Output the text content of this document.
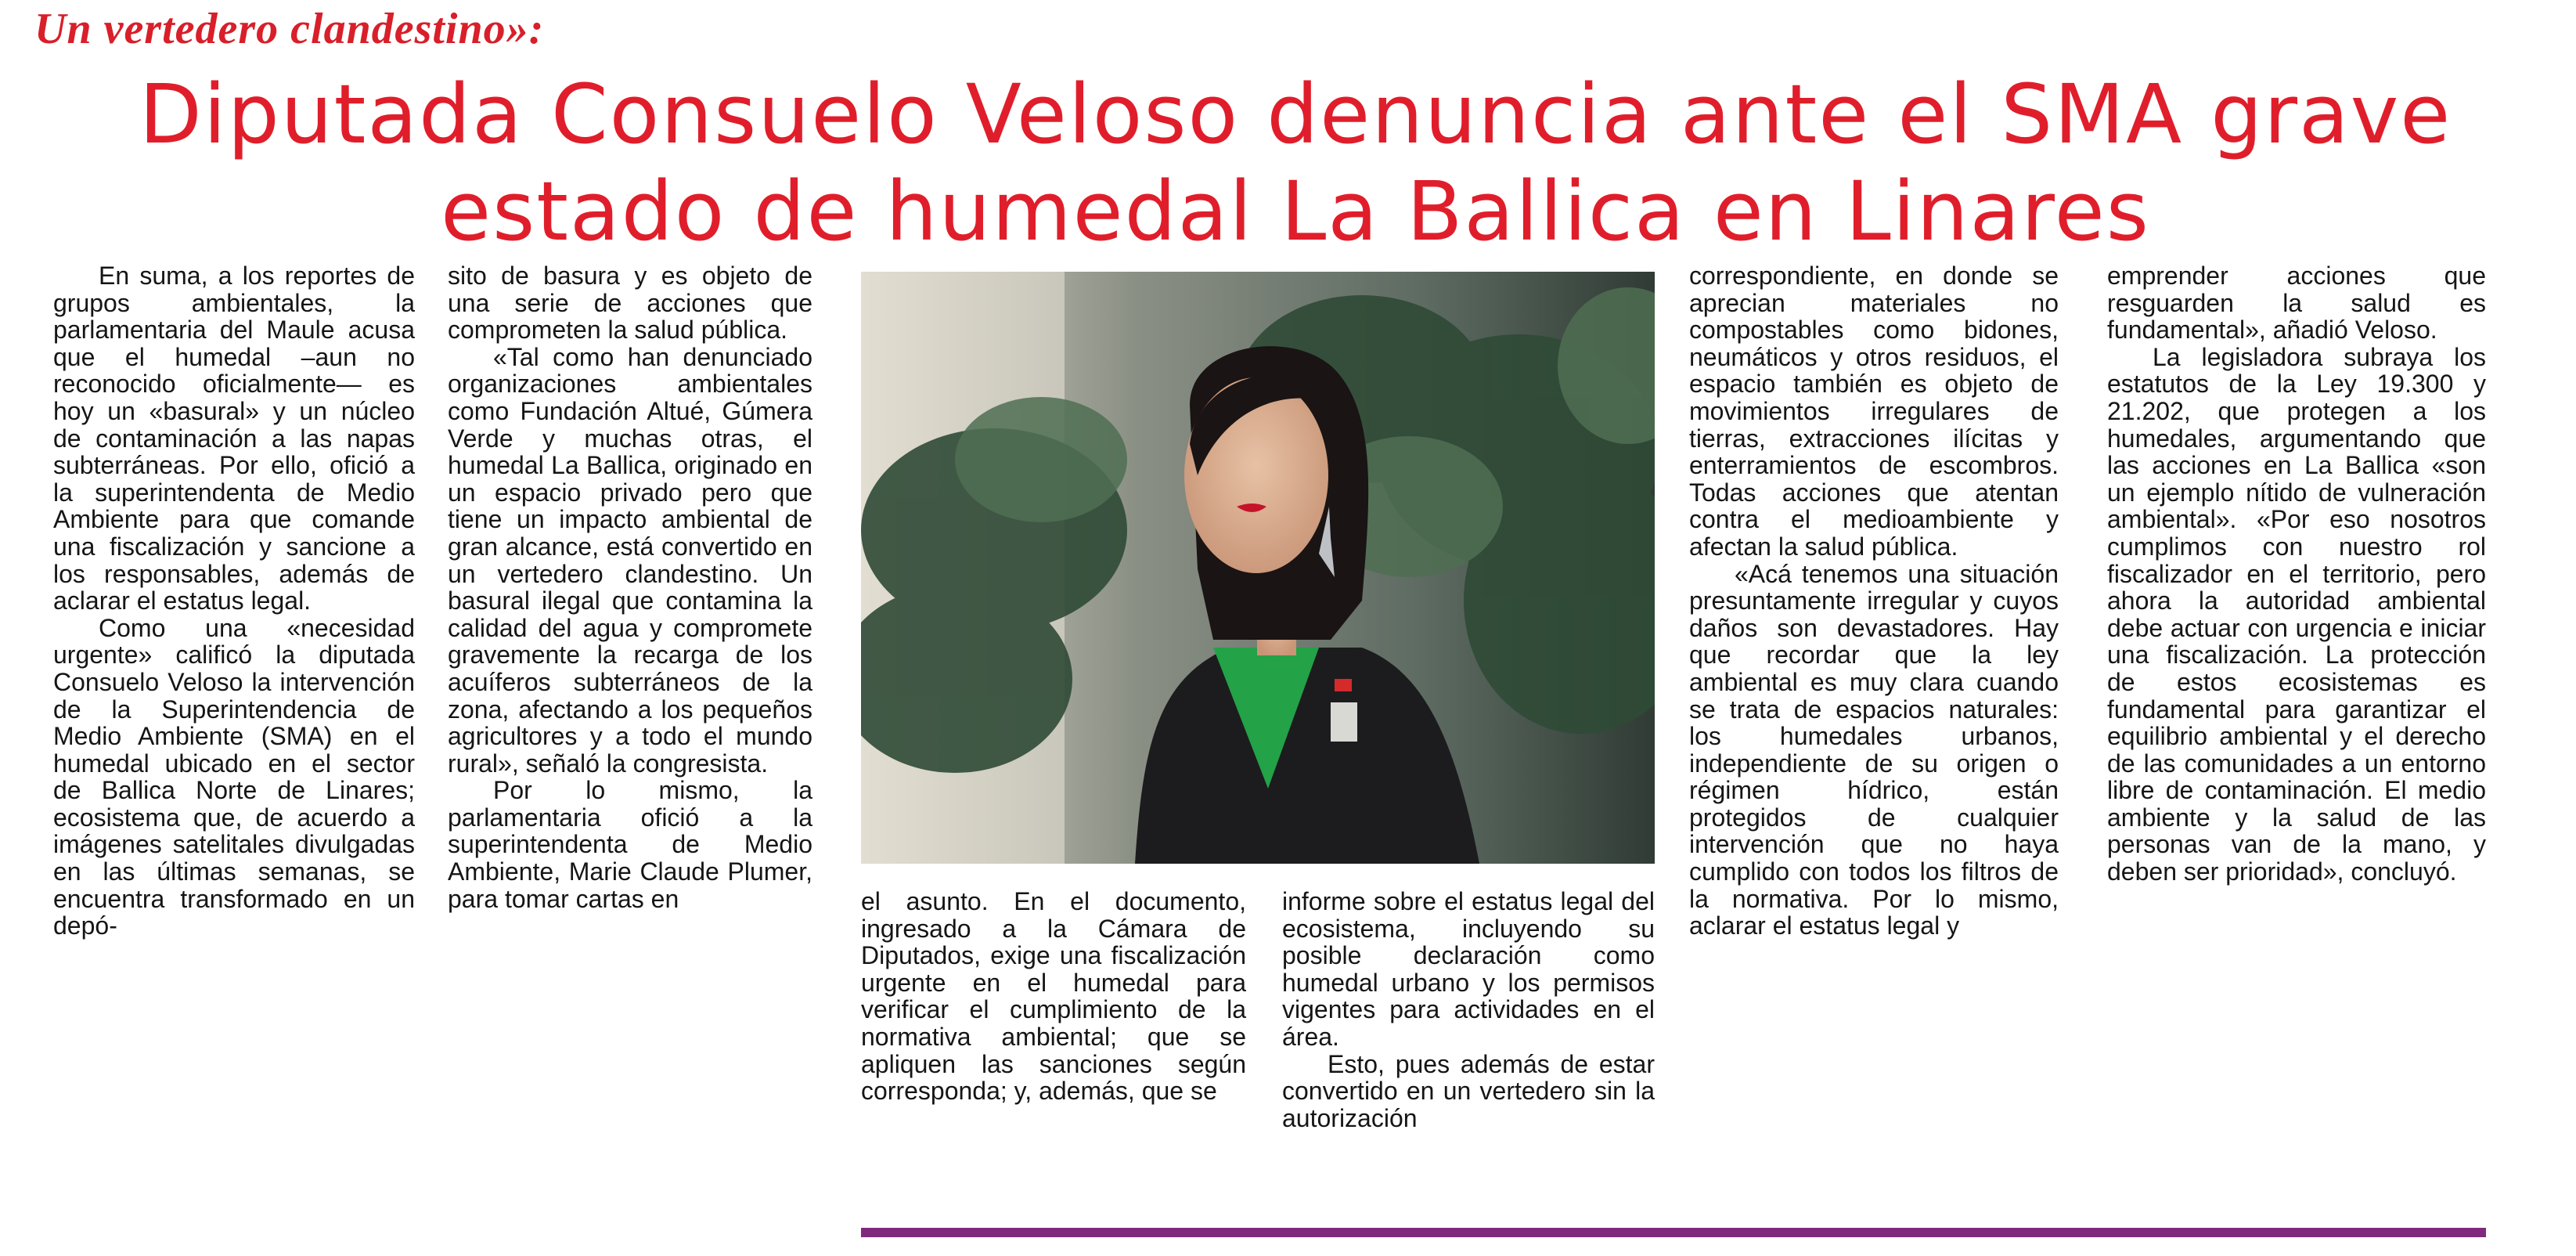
Un vertedero clandestino»:
Diputada Consuelo Veloso denuncia ante el SMA grave estado de humedal La Ballica en Linares

En suma, a los reportes de grupos ambientales, la parlamentaria del Maule acusa que el humedal –aun no reconocido oficialmente— es hoy un «basural» y un núcleo de contaminación a las napas subterráneas. Por ello, ofició a la superintendenta de Medio Ambiente para que comande una fiscalización y sancione a los responsables, además de aclarar el estatus legal.

Como una «necesidad urgente» calificó la diputada Consuelo Veloso la intervención de la Superintendencia de Medio Ambiente (SMA) en el humedal ubicado en el sector de Ballica Norte de Linares; ecosistema que, de acuerdo a imágenes satelitales divulgadas en las últimas semanas, se encuentra transformado en un depó-

sito de basura y es objeto de una serie de acciones que comprometen la salud pública.

«Tal como han denunciado organizaciones ambientales como Fundación Altué, Gúmera Verde y muchas otras, el humedal La Ballica, originado en un espacio privado pero que tiene un impacto ambiental de gran alcance, está convertido en un vertedero clandestino. Un basural ilegal que contamina la calidad del agua y compromete gravemente la recarga de los acuíferos subterráneos de la zona, afectando a los pequeños agricultores y a todo el mundo rural», señaló la congresista.

Por lo mismo, la parlamentaria ofició a la superintendenta de Medio Ambiente, Marie Claude Plumer, para tomar cartas en	el asunto. En el documento, ingresado a la Cámara de Diputados, exige una fiscalización urgente en el humedal para verificar el cumplimiento de la normativa ambiental; que se apliquen las sanciones según corresponda; y, además, que se

informe sobre el estatus legal del ecosistema, incluyendo su posible declaración como humedal urbano y los permisos vigentes para actividades en el área.

Esto, pues además de estar convertido en un vertedero sin la autorización

correspondiente, en donde se aprecian materiales no compostables como bidones, neumáticos y otros residuos, el espacio también es objeto de movimientos irregulares de tierras, extracciones ilícitas y enterramientos de escombros. Todas acciones que atentan contra el medioambiente y afectan la salud pública.

«Acá tenemos una situación presuntamente irregular y cuyos daños son devastadores. Hay que recordar que la ley ambiental es muy clara cuando se trata de espacios naturales: los humedales urbanos, independiente de su origen o régimen hídrico, están protegidos de cualquier intervención que no haya cumplido con todos los filtros de la normativa. Por lo mismo, aclarar el estatus legal y

emprender acciones que resguarden la salud es fundamental», añadió Veloso.

La legisladora subraya los estatutos de la Ley 19.300 y 21.202, que protegen a los humedales, argumentando que las acciones en La Ballica «son un ejemplo nítido de vulneración ambiental». «Por eso nosotros cumplimos con nuestro rol fiscalizador en el territorio, pero ahora la autoridad ambiental debe actuar con urgencia e iniciar una fiscalización. La protección de estos ecosistemas es fundamental para garantizar el equilibrio ambiental y el derecho de las comunidades a un entorno libre de contaminación. El medio ambiente y la salud de las personas van de la mano, y deben ser prioridad», concluyó.
